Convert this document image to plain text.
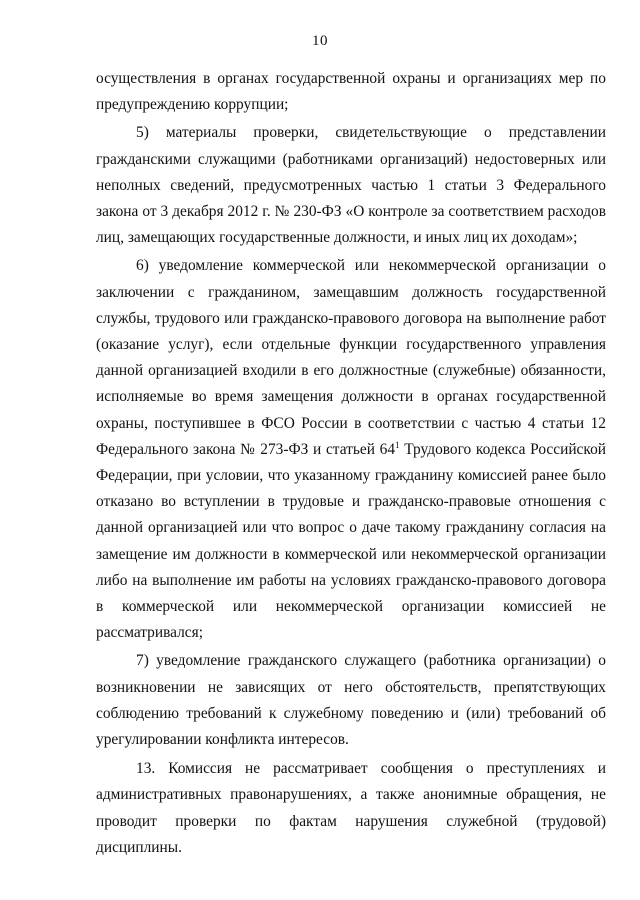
10

осуществления в органах государственной охраны и организациях мер по предупреждению коррупции;

5) материалы проверки, свидетельствующие о представлении гражданскими служащими (работниками организаций) недостоверных или неполных сведений, предусмотренных частью 1 статьи 3 Федерального закона от 3 декабря 2012 г. № 230-ФЗ «О контроле за соответствием расходов лиц, замещающих государственные должности, и иных лиц их доходам»;

6) уведомление коммерческой или некоммерческой организации о заключении с гражданином, замещавшим должность государственной службы, трудового или гражданско-правового договора на выполнение работ (оказание услуг), если отдельные функции государственного управления данной организацией входили в его должностные (служебные) обязанности, исполняемые во время замещения должности в органах государственной охраны, поступившее в ФСО России в соответствии с частью 4 статьи 12 Федерального закона № 273-ФЗ и статьей $64^1$ Трудового кодекса Российской Федерации, при условии, что указанному гражданину комиссией ранее было отказано во вступлении в трудовые и гражданско-правовые отношения с данной организацией или что вопрос о даче такому гражданину согласия на замещение им должности в коммерческой или некоммерческой организации либо на выполнение им работы на условиях гражданско-правового договора в коммерческой или некоммерческой организации комиссией не рассматривался;

7) уведомление гражданского служащего (работника организации) о возникновении не зависящих от него обстоятельств, препятствующих соблюдению требований к служебному поведению и (или) требований об урегулировании конфликта интересов.

13. Комиссия не рассматривает сообщения о преступлениях и административных правонарушениях, а также анонимные обращения, не проводит проверки по фактам нарушения служебной (трудовой) дисциплины.
